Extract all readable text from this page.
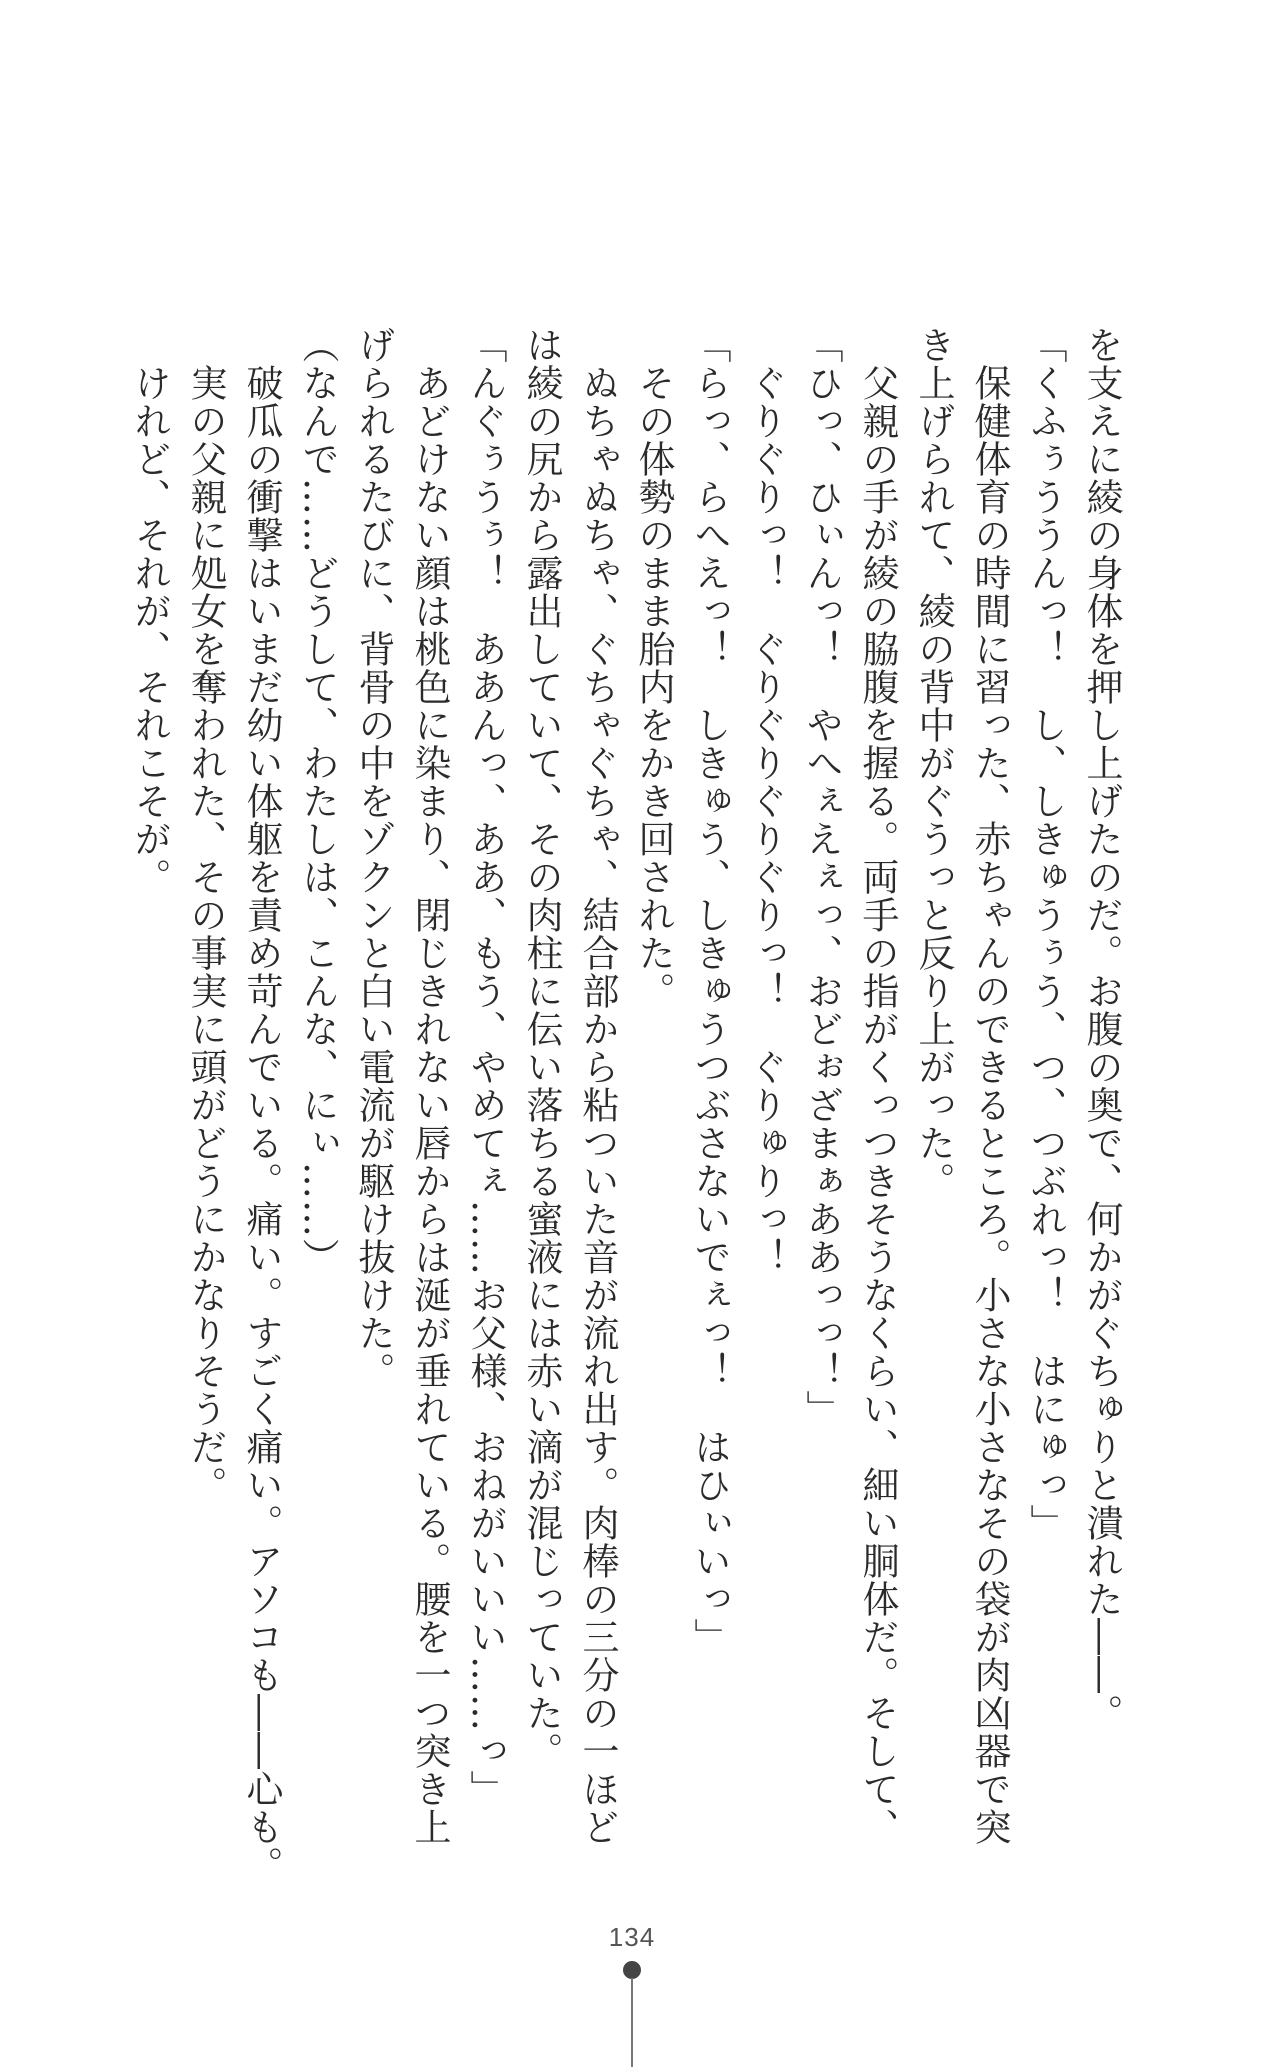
を支えに綾の身体を押し上げたのだ。お腹の奥で、何かがぐちゅりと潰れた――。
「くふぅううんっ！　し、しきゅうぅう、つ、つぶれっ！　はにゅっ」
　保健体育の時間に習った、赤ちゃんのできるところ。小さな小さなその袋が肉凶器で突
き上げられて、綾の背中がぐうっと反り上がった。
　父親の手が綾の脇腹を握る。両手の指がくっつきそうなくらい、細い胴体だ。そして、
「ひっ、ひぃんっ！　やへぇえぇっ、おどぉざまぁああっっ！」
　ぐりぐりっ！　ぐりぐりぐりぐりっ！　ぐりゅりっ！
「らっ、らへえっ！　しきゅう、しきゅうつぶさないでぇっ！　はひぃいっ」
　その体勢のまま胎内をかき回された。
　ぬちゃぬちゃ、ぐちゃぐちゃ、結合部から粘ついた音が流れ出す。肉棒の三分の一ほど
は綾の尻から露出していて、その肉柱に伝い落ちる蜜液には赤い滴が混じっていた。
「んぐぅうぅ！　ああんっ、ああ、もう、やめてぇ……お父様、おねがいいい……っ」
　あどけない顔は桃色に染まり、閉じきれない唇からは涎が垂れている。腰を一つ突き上
げられるたびに、背骨の中をゾクンと白い電流が駆け抜けた。
（なんで……どうして、わたしは、こんな、にぃ……）
　破瓜の衝撃はいまだ幼い体躯を責め苛んでいる。痛い。すごく痛い。アソコも――心も。
　実の父親に処女を奪われた、その事実に頭がどうにかなりそうだ。
　けれど、それが、それこそが。
134
